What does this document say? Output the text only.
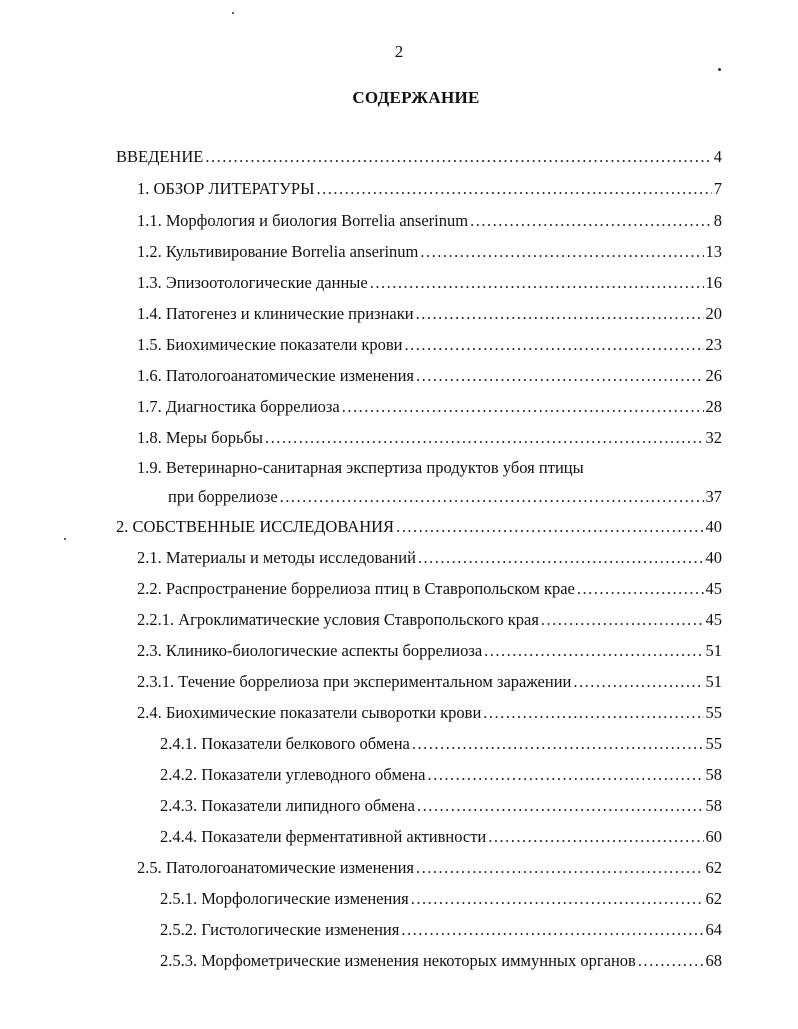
2
СОДЕРЖАНИЕ
ВВЕДЕНИЕ .....	4
1. ОБЗОР ЛИТЕРАТУРЫ .....	7
1.1. Морфология и биология Borrelia anserinum .....	8
1.2. Культивирование Borrelia anserinum .....	13
1.3. Эпизоотологические данные .....	16
1.4. Патогенез и клинические признаки .....	20
1.5. Биохимические показатели крови .....	23
1.6. Патологоанатомические изменения .....	26
1.7. Диагностика боррелиоза .....	28
1.8. Меры борьбы .....	32
1.9. Ветеринарно-санитарная экспертиза продуктов убоя птицы
при боррелиозе .....	37
2. СОБСТВЕННЫЕ ИССЛЕДОВАНИЯ .....	40
2.1. Материалы и методы исследований .....	40
2.2. Распространение боррелиоза птиц в Ставропольском крае .....	45
2.2.1. Агроклиматические условия Ставропольского края .....	45
2.3. Клинико-биологические аспекты боррелиоза .....	51
2.3.1. Течение боррелиоза при экспериментальном заражении .....	51
2.4. Биохимические показатели сыворотки крови .....	55
2.4.1. Показатели белкового обмена .....	55
2.4.2. Показатели углеводного обмена .....	58
2.4.3. Показатели липидного обмена .....	58
2.4.4. Показатели ферментативной активности .....	60
2.5. Патологоанатомические изменения .....	62
2.5.1. Морфологические изменения .....	62
2.5.2. Гистологические изменения .....	64
2.5.3. Морфометрические изменения некоторых иммунных органов .....	68
